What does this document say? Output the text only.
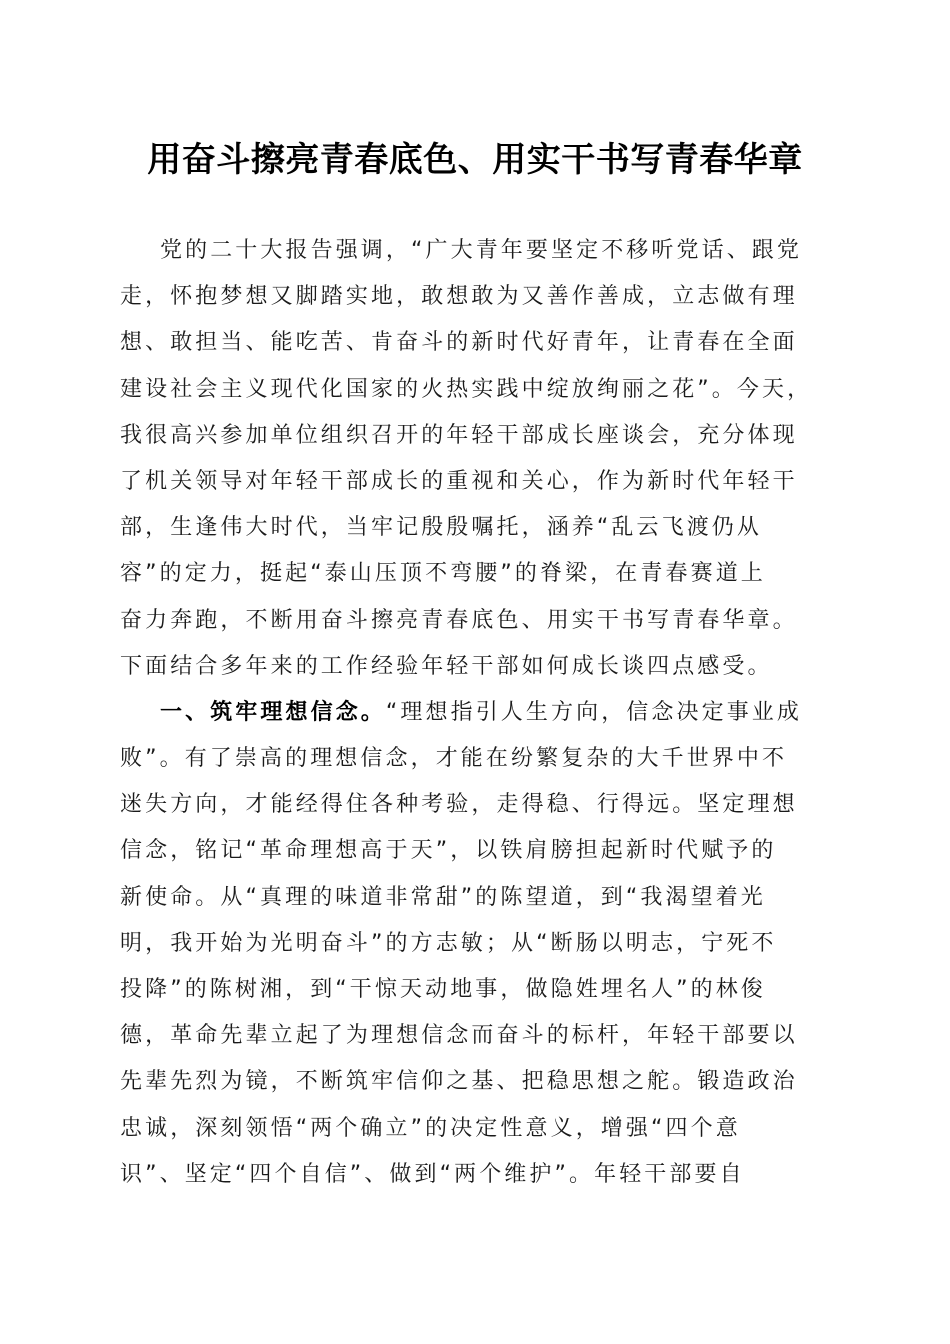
用奋斗擦亮青春底色、用实干书写青春华章
党的二十大报告强调，“广大青年要坚定不移听党话、跟党
走，怀抱梦想又脚踏实地，敢想敢为又善作善成，立志做有理
想、敢担当、能吃苦、肯奋斗的新时代好青年，让青春在全面
建设社会主义现代化国家的火热实践中绽放绚丽之花”。今天，
我很高兴参加单位组织召开的年轻干部成长座谈会，充分体现
了机关领导对年轻干部成长的重视和关心，作为新时代年轻干
部，生逢伟大时代，当牢记殷殷嘱托，涵养“乱云飞渡仍从
容”的定力，挺起“泰山压顶不弯腰”的脊梁，在青春赛道上
奋力奔跑，不断用奋斗擦亮青春底色、用实干书写青春华章。
下面结合多年来的工作经验年轻干部如何成长谈四点感受。
一、筑牢理想信念。“理想指引人生方向，信念决定事业成
败”。有了崇高的理想信念，才能在纷繁复杂的大千世界中不
迷失方向，才能经得住各种考验，走得稳、行得远。坚定理想
信念，铭记“革命理想高于天”，以铁肩膀担起新时代赋予的
新使命。从“真理的味道非常甜”的陈望道，到“我渴望着光
明，我开始为光明奋斗”的方志敏；从“断肠以明志，宁死不
投降”的陈树湘，到“干惊天动地事，做隐姓埋名人”的林俊
德，革命先辈立起了为理想信念而奋斗的标杆，年轻干部要以
先辈先烈为镜，不断筑牢信仰之基、把稳思想之舵。锻造政治
忠诚，深刻领悟“两个确立”的决定性意义，增强“四个意
识”、坚定“四个自信”、做到“两个维护”。年轻干部要自
